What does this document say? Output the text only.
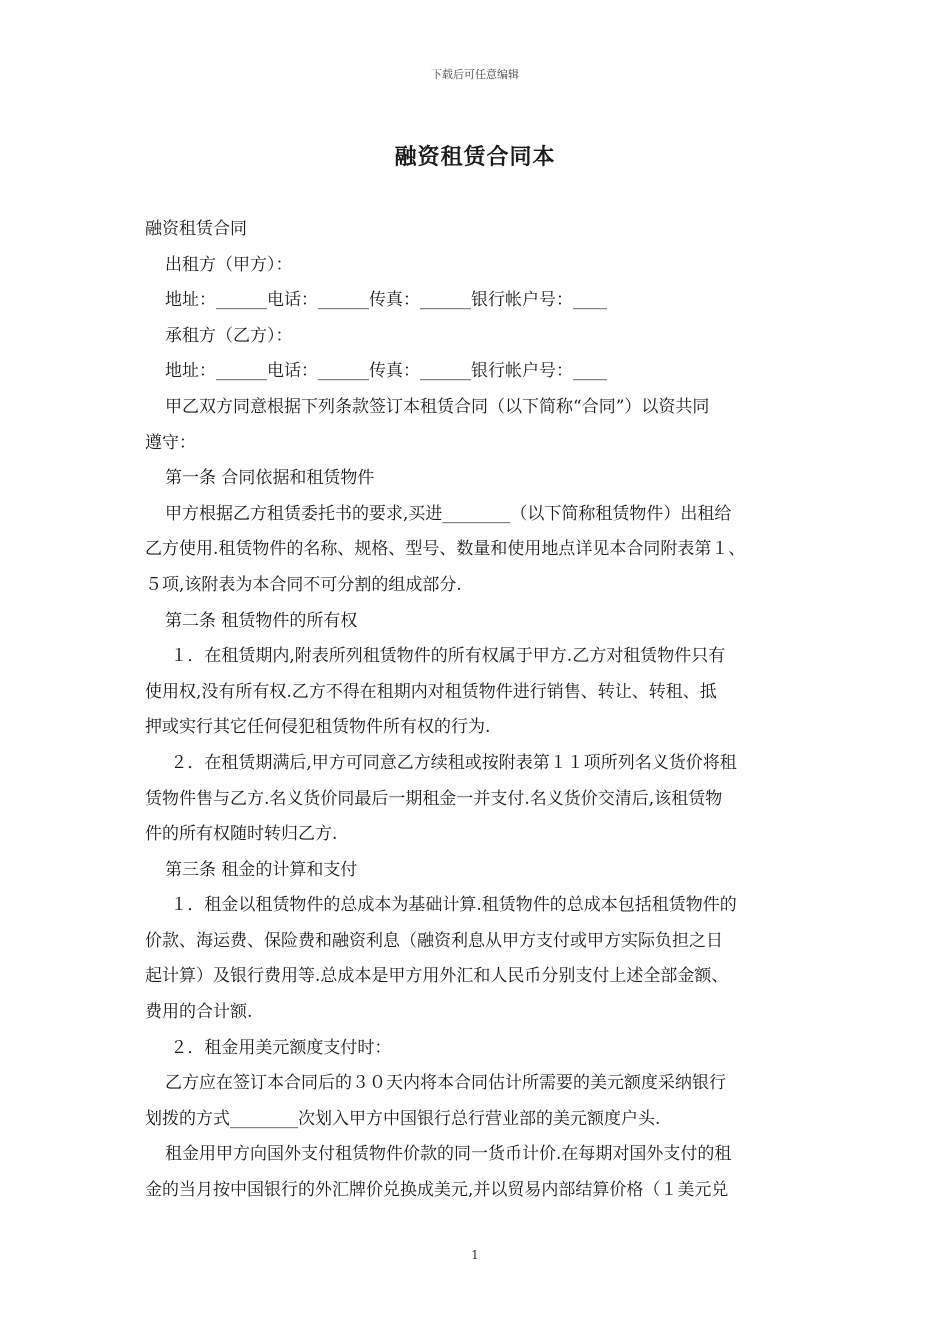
下载后可任意编辑
融资租赁合同本

融资租赁合同

出租方（甲方）：

地址：______电话：______传真：______银行帐户号：____

承租方（乙方）：

地址：______电话：______传真：______银行帐户号：____

甲乙双方同意根据下列条款签订本租赁合同（以下简称“合同”）以资共同

遵守：

第一条 合同依据和租赁物件

甲方根据乙方租赁委托书的要求,买进________（以下简称租赁物件）出租给

乙方使用.租赁物件的名称、规格、型号、数量和使用地点详见本合同附表第１、

５项,该附表为本合同不可分割的组成部分.

第二条 租赁物件的所有权

１．在租赁期内,附表所列租赁物件的所有权属于甲方.乙方对租赁物件只有

使用权,没有所有权.乙方不得在租期内对租赁物件进行销售、转让、转租、抵

押或实行其它任何侵犯租赁物件所有权的行为.

２．在租赁期满后,甲方可同意乙方续租或按附表第１１项所列名义货价将租

赁物件售与乙方.名义货价同最后一期租金一并支付.名义货价交清后,该租赁物

件的所有权随时转归乙方.

第三条 租金的计算和支付

１．租金以租赁物件的总成本为基础计算.租赁物件的总成本包括租赁物件的

价款、海运费、保险费和融资利息（融资利息从甲方支付或甲方实际负担之日

起计算）及银行费用等.总成本是甲方用外汇和人民币分别支付上述全部金额、

费用的合计额.

２．租金用美元额度支付时：

乙方应在签订本合同后的３０天内将本合同估计所需要的美元额度采纳银行

划拨的方式________次划入甲方中国银行总行营业部的美元额度户头.

租金用甲方向国外支付租赁物件价款的同一货币计价.在每期对国外支付的租

金的当月按中国银行的外汇牌价兑换成美元,并以贸易内部结算价格（１美元兑

1
